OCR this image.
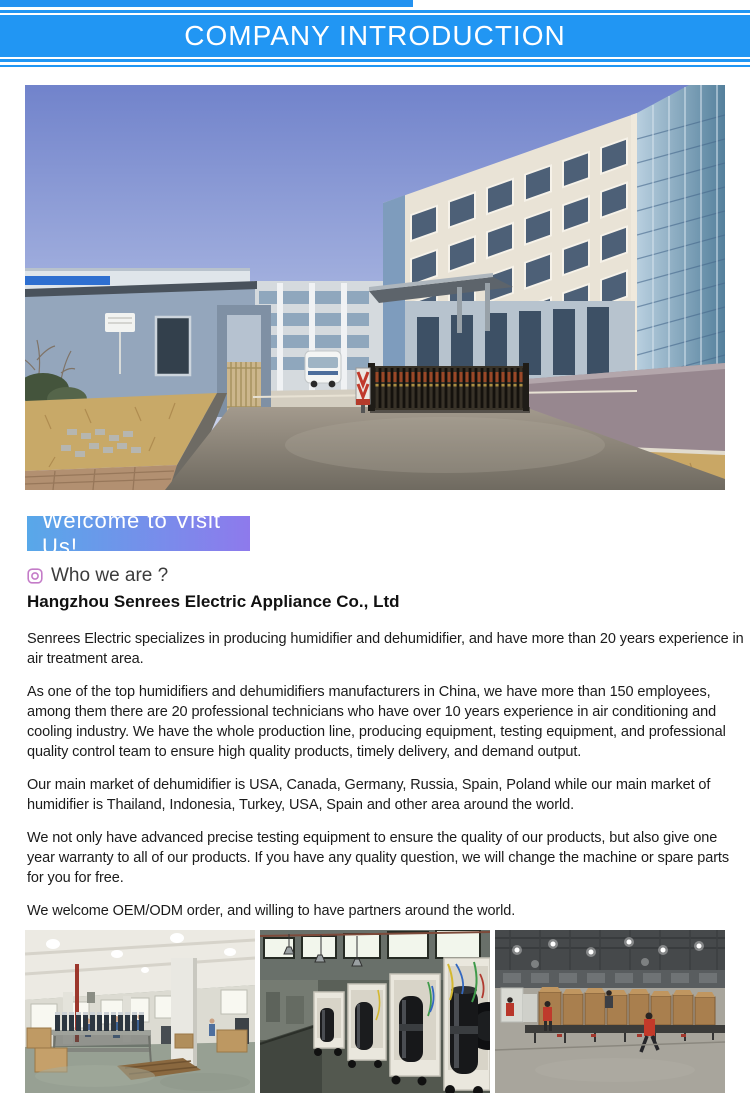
COMPANY INTRODUCTION
Welcome to Visit Us!
Who we are ?
Hangzhou Senrees Electric Appliance Co., Ltd

Senrees Electric specializes in producing humidifier and dehumidifier, and have more than 20 years experience in air treatment area.

As one of the top humidifiers and dehumidifiers manufacturers in China, we have more than 150 employees, among them there are 20 professional technicians who have over 10 years experience in air conditioning and cooling industry. We have the whole production line, producing equipment, testing equipment, and professional quality control team to ensure high quality products, timely delivery, and demand output.

Our main market of dehumidifier is USA, Canada, Germany, Russia, Spain, Poland while our main market of humidifier is Thailand, Indonesia, Turkey, USA, Spain and other area around the world.

We not only have advanced precise testing equipment to ensure the quality of our products, but also give one year warranty to all of our products. If you have any quality question, we will change the machine or spare parts for you for free.

We welcome OEM/ODM order, and willing to have partners around the world.
